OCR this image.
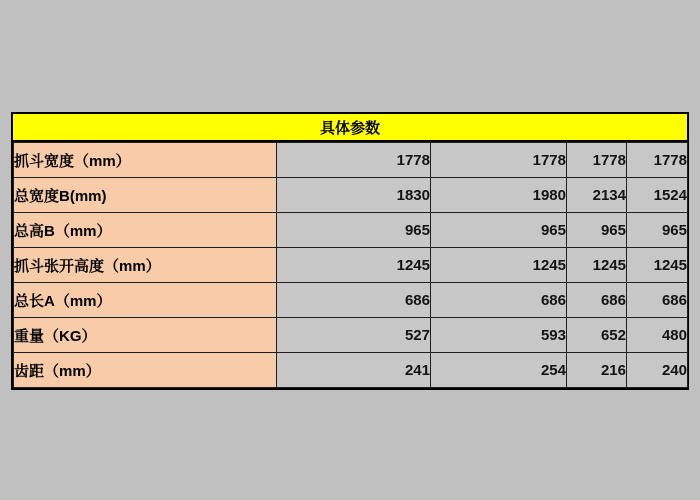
具体参数
抓斗宽度（mm）	1778	1778	1778	1778
总宽度B(mm)	1830	1980	2134	1524
总高B（mm）	965	965	965	965
抓斗张开高度（mm）	1245	1245	1245	1245
总长A（mm）	686	686	686	686
重量（KG）	527	593	652	480
齿距（mm）	241	254	216	240
